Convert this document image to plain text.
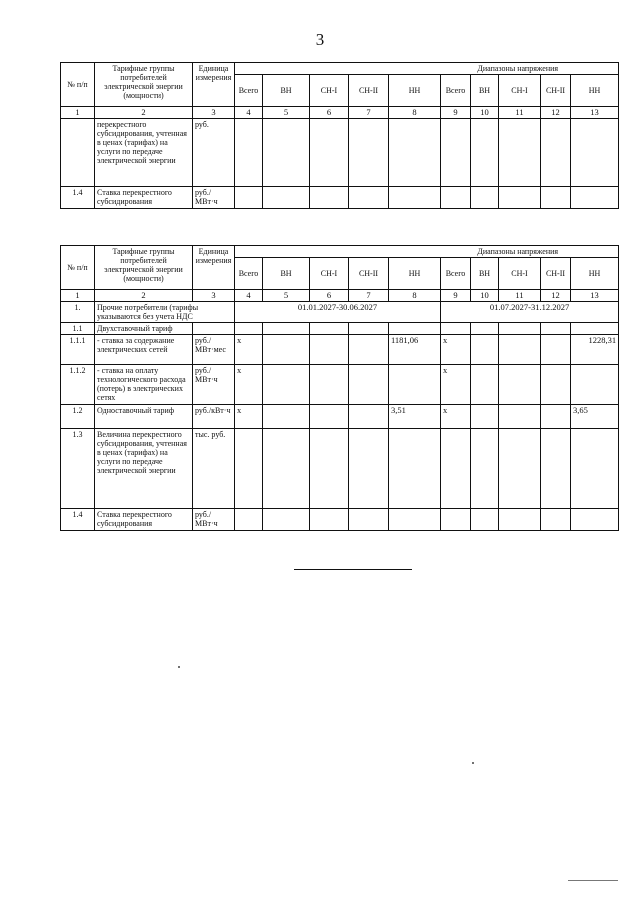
3
№ п/п	Тарифные группы потребителей электрической энергии (мощности)	Единица измерения	Диапазоны напряжения									
			Всего	ВН	СН-I	СН-II	НН	Всего	ВН	СН-I	СН-II	НН
1	2	3	4	5	6	7	8	9	10	11	12	13
	перекрестного субсидирования, учтенная в ценах (тарифах) на услуги по передаче электрической энергии	руб.										
1.4	Ставка перекрестного субсидирования	руб./МВт·ч										
№ п/п	Тарифные группы потребителей электрической энергии (мощности)	Единица измерения	Диапазоны напряжения									
			Всего	ВН	СН-I	СН-II	НН	Всего	ВН	СН-I	СН-II	НН
1	2	3	4	5	6	7	8	9	10	11	12	13
1.	Прочие потребители (тарифы указываются без учета НДС		01.01.2027-30.06.2027					01.07.2027-31.12.2027				
1.1	Двухставочный тариф											
1.1.1	- ставка за содержание электрических сетей	руб./МВт·мес	х				1181,06	х				1228,31
1.1.2	- ставка на оплату технологического расхода (потерь) в электрических сетях	руб./МВт·ч	х					х				
1.2	Одноставочный тариф	руб./кВт·ч	х				3,51	х				3,65
1.3	Величина перекрестного субсидирования, учтенная в ценах (тарифах) на услуги по передаче электрической энергии	тыс. руб.										
1.4	Ставка перекрестного субсидирования	руб./МВт·ч										
